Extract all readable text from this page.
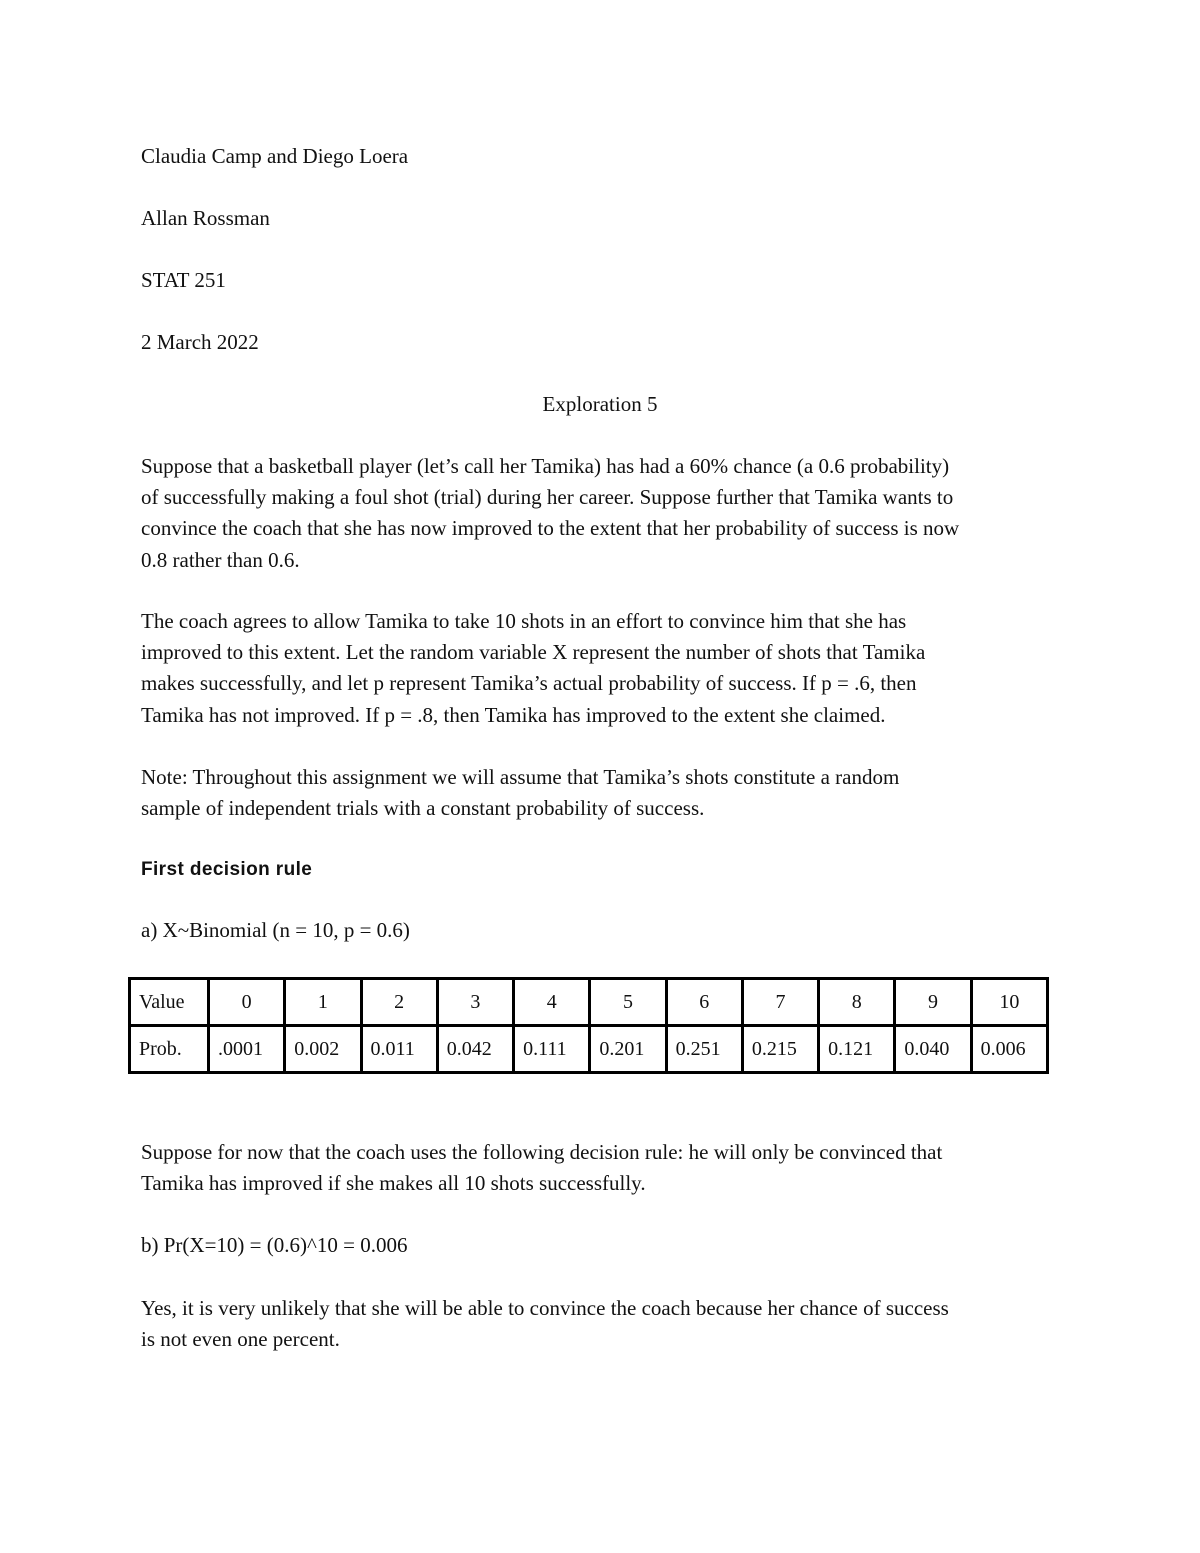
Claudia Camp and Diego Loera
Allan Rossman
STAT 251
2 March 2022
Exploration 5
Suppose that a basketball player (let’s call her Tamika) has had a 60% chance (a 0.6 probability)
of successfully making a foul shot (trial) during her career. Suppose further that Tamika wants to
convince the coach that she has now improved to the extent that her probability of success is now
0.8 rather than 0.6.
The coach agrees to allow Tamika to take 10 shots in an effort to convince him that she has
improved to this extent. Let the random variable X represent the number of shots that Tamika
makes successfully, and let p represent Tamika’s actual probability of success. If p = .6, then
Tamika has not improved. If p = .8, then Tamika has improved to the extent she claimed.
Note: Throughout this assignment we will assume that Tamika’s shots constitute a random
sample of independent trials with a constant probability of success.
First decision rule
a) X~Binomial (n = 10, p = 0.6)
Value	0	1	2	3	4	5	6	7	8	9	10
Prob.	.0001	0.002	0.011	0.042	0.111	0.201	0.251	0.215	0.121	0.040	0.006
Suppose for now that the coach uses the following decision rule: he will only be convinced that
Tamika has improved if she makes all 10 shots successfully.
b) Pr(X=10) = (0.6)^10 = 0.006
Yes, it is very unlikely that she will be able to convince the coach because her chance of success
is not even one percent.
